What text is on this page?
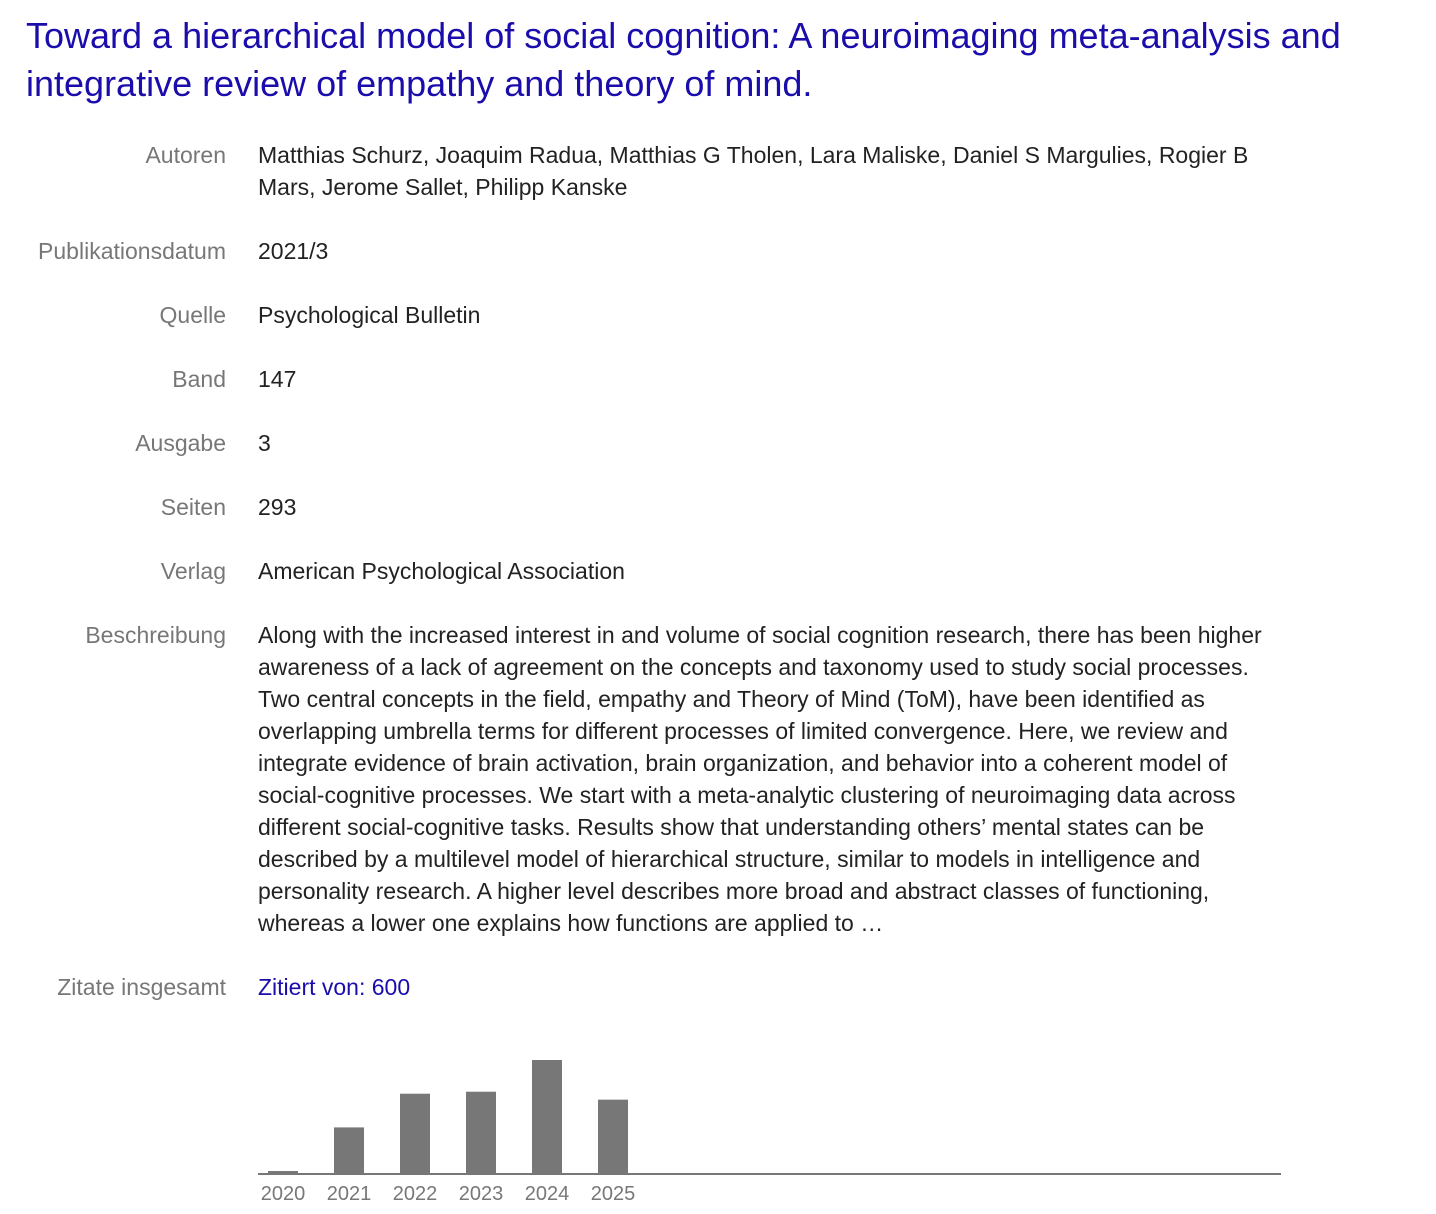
Toward a hierarchical model of social cognition: A neuroimaging meta-analysis and integrative review of empathy and theory of mind.
Autoren Matthias Schurz, Joaquim Radua, Matthias G Tholen, Lara Maliske, Daniel S Margulies, Rogier B Mars, Jerome Sallet, Philipp Kanske
Publikationsdatum 2021/3
Quelle Psychological Bulletin
Band 147
Ausgabe 3
Seiten 293
Verlag American Psychological Association
Beschreibung Along with the increased interest in and volume of social cognition research, there has been higher awareness of a lack of agreement on the concepts and taxonomy used to study social processes. Two central concepts in the field, empathy and Theory of Mind (ToM), have been identified as overlapping umbrella terms for different processes of limited convergence. Here, we review and integrate evidence of brain activation, brain organization, and behavior into a coherent model of social-cognitive processes. We start with a meta-analytic clustering of neuroimaging data across different social-cognitive tasks. Results show that understanding others’ mental states can be described by a multilevel model of hierarchical structure, similar to models in intelligence and personality research. A higher level describes more broad and abstract classes of functioning, whereas a lower one explains how functions are applied to …
Zitate insgesamt Zitiert von: 600
2020 2021 2022 2023 2024 2025
